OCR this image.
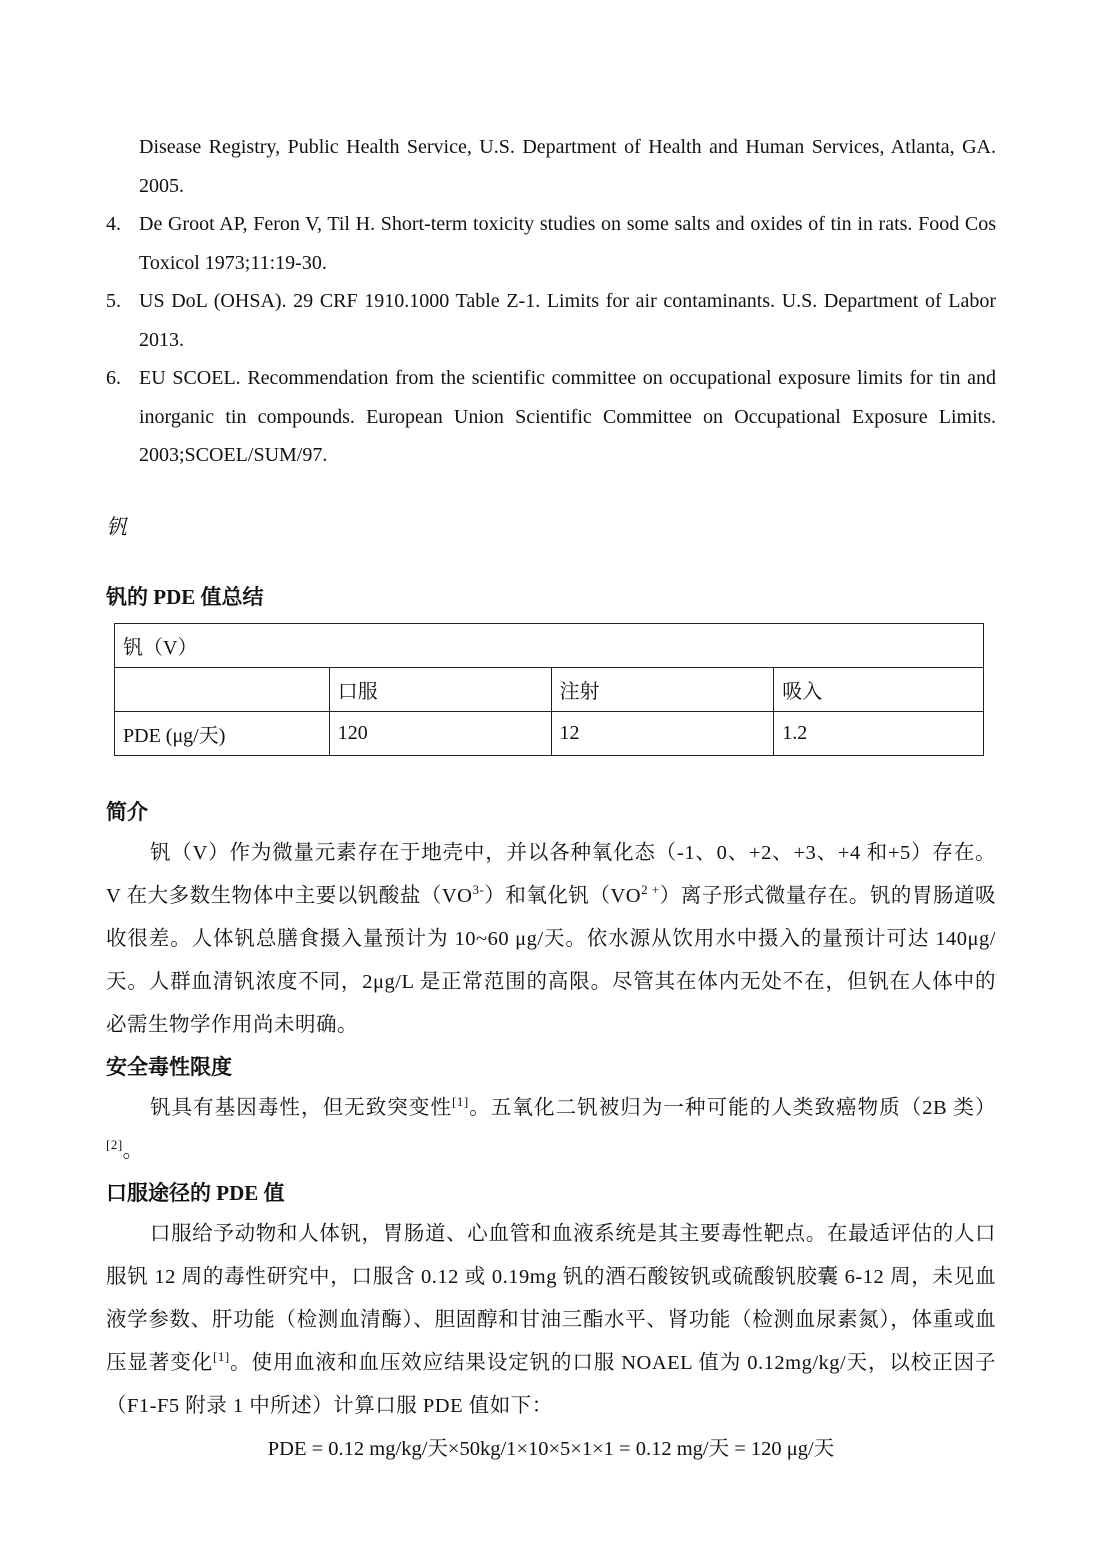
Disease Registry, Public Health Service, U.S. Department of Health and Human Services, Atlanta, GA. 2005.
4. De Groot AP, Feron V, Til H. Short-term toxicity studies on some salts and oxides of tin in rats. Food Cos Toxicol 1973;11:19-30.
5. US DoL (OHSA). 29 CRF 1910.1000 Table Z-1. Limits for air contaminants. U.S. Department of Labor 2013.
6. EU SCOEL. Recommendation from the scientific committee on occupational exposure limits for tin and inorganic tin compounds. European Union Scientific Committee on Occupational Exposure Limits. 2003;SCOEL/SUM/97.
钒
钒的 PDE 值总结
钒（V）			
	口服	注射	吸入
PDE (μg/天)	120	12	1.2
简介

钒（V）作为微量元素存在于地壳中，并以各种氧化态（-1、0、+2、+3、+4 和+5）存在。V 在大多数生物体中主要以钒酸盐$(VO^{3-})$和氧化钒$(VO^{2 +})$离子形式微量存在。钒的胃肠道吸收很差。人体钒总膳食摄入量预计为 10~60 μg/天。依水源从饮用水中摄入的量预计可达 140μg/天。人群血清钒浓度不同，2μg/L 是正常范围的高限。尽管其在体内无处不在，但钒在人体中的必需生物学作用尚未明确。

安全毒性限度

钒具有基因毒性，但无致突变性[1]。五氧化二钒被归为一种可能的人类致癌物质（2B 类）[2]。

口服途径的 PDE 值

口服给予动物和人体钒，胃肠道、心血管和血液系统是其主要毒性靶点。在最适评估的人口服钒 12 周的毒性研究中，口服含 0.12 或 0.19mg 钒的酒石酸铵钒或硫酸钒胶囊 6-12 周，未见血液学参数、肝功能（检测血清酶）、胆固醇和甘油三酯水平、肾功能（检测血尿素氮），体重或血压显著变化[1]。使用血液和血压效应结果设定钒的口服 NOAEL 值为 0.12mg/kg/天，以校正因子（F1-F5 附录 1 中所述）计算口服 PDE 值如下：

PDE = 0.12 mg/kg/天×50kg/1×10×5×1×1 = 0.12 mg/天 = 120 μg/天
